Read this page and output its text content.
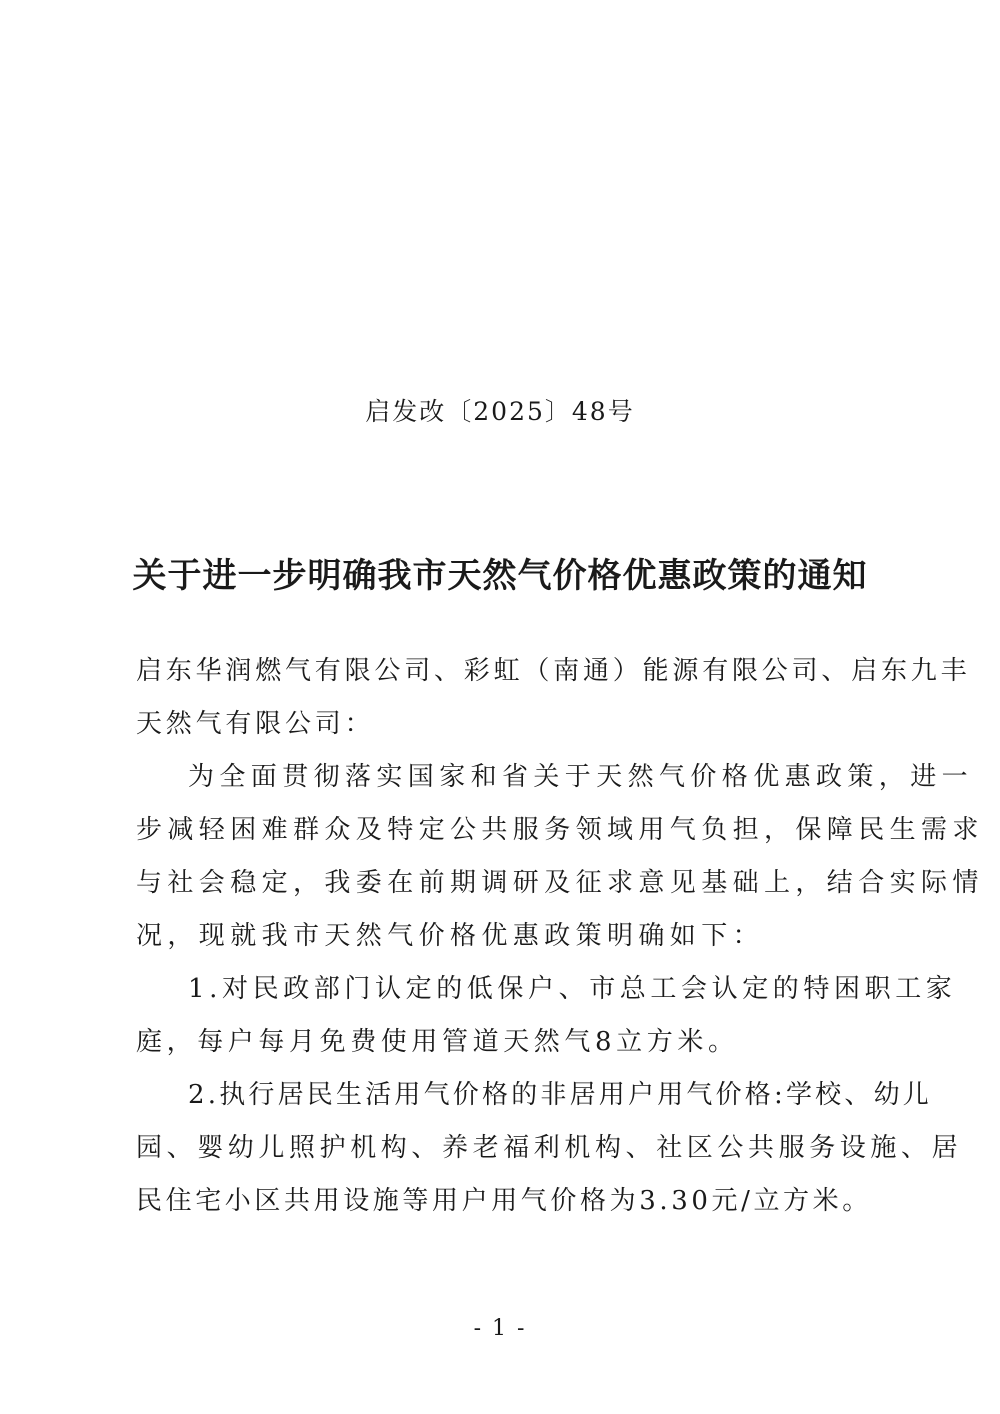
启发改〔2025〕48号
关于进一步明确我市天然气价格优惠政策的通知
启东华润燃气有限公司、彩虹（南通）能源有限公司、启东九丰
天然气有限公司：
为全面贯彻落实国家和省关于天然气价格优惠政策，进一
步减轻困难群众及特定公共服务领域用气负担，保障民生需求
与社会稳定，我委在前期调研及征求意见基础上，结合实际情
况，现就我市天然气价格优惠政策明确如下：
1.对民政部门认定的低保户、市总工会认定的特困职工家
庭，每户每月免费使用管道天然气8立方米。
2.执行居民生活用气价格的非居用户用气价格:学校、幼儿
园、婴幼儿照护机构、养老福利机构、社区公共服务设施、居
民住宅小区共用设施等用户用气价格为3.30元/立方米。
- 1 -
